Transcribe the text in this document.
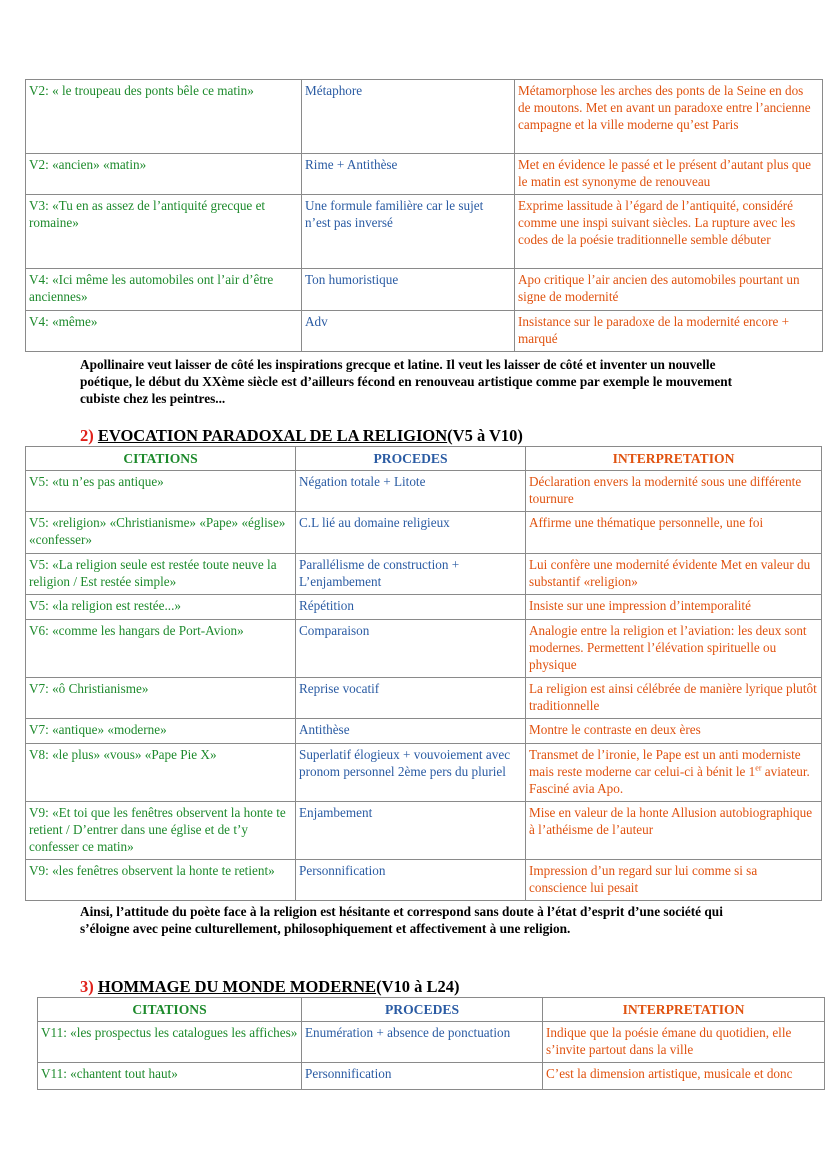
V2: « le troupeau des ponts bêle ce matin»	Métaphore	Métamorphose les arches des ponts de la Seine en dos de moutons. Met en avant un paradoxe entre l’ancienne campagne et la ville moderne qu’est Paris
V2: «ancien» «matin»	Rime + Antithèse	Met en évidence le passé et le présent d’autant plus que le matin est synonyme de renouveau
V3: «Tu en as assez de l’antiquité grecque et romaine»	Une formule familière car le sujet n’est pas inversé	Exprime lassitude à l’égard de l’antiquité, considéré comme une inspi suivant siècles. La rupture avec les codes de la poésie traditionnelle semble débuter
V4: «Ici même les automobiles ont l’air d’être anciennes»	Ton humoristique	Apo critique l’air ancien des automobiles pourtant un signe de modernité
V4: «même»	Adv	Insistance sur le paradoxe de la modernité encore + marqué

Apollinaire veut laisser de côté les inspirations grecque et latine. Il veut les laisser de côté et inventer un nouvelle poétique, le début du XXème siècle est d’ailleurs fécond en renouveau artistique comme par exemple le mouvement cubiste chez les peintres...

2) EVOCATION PARADOXAL DE LA RELIGION(V5 à V10)

CITATIONS	PROCEDES	INTERPRETATION
V5: «tu n’es pas antique»	Négation totale + Litote	Déclaration envers la modernité sous une différente tournure
V5: «religion» «Christianisme» «Pape» «église» «confesser»	C.L lié au domaine religieux	Affirme une thématique personnelle, une foi
V5: «La religion seule est restée toute neuve la religion / Est restée simple»	Parallélisme de construction + L’enjambement	Lui confère une modernité évidente Met en valeur du substantif «religion»
V5: «la religion est restée...»	Répétition	Insiste sur une impression d’intemporalité
V6: «comme les hangars de Port-Avion»	Comparaison	Analogie entre la religion et l’aviation: les deux sont modernes. Permettent l’élévation spirituelle ou physique
V7: «ô Christianisme»	Reprise vocatif	La religion est ainsi célébrée de manière lyrique plutôt traditionnelle
V7: «antique» «moderne»	Antithèse	Montre le contraste en deux ères
V8: «le plus» «vous» «Pape Pie X»	Superlatif élogieux + vouvoiement avec pronom personnel 2ème pers du pluriel	Transmet de l’ironie, le Pape est un anti moderniste mais reste moderne car celui-ci à bénit le 1er aviateur. Fasciné avia Apo.
V9: «Et toi que les fenêtres observent la honte te retient / D’entrer dans une église et de t’y confesser ce matin»	Enjambement	Mise en valeur de la honte Allusion autobiographique à l’athéisme de l’auteur
V9: «les fenêtres observent la honte te retient»	Personnification	Impression d’un regard sur lui comme si sa conscience lui pesait

Ainsi, l’attitude du poète face à la religion est hésitante et correspond sans doute à l’état d’esprit d’une société qui s’éloigne avec peine culturellement, philosophiquement et affectivement à une religion.

3) HOMMAGE DU MONDE MODERNE(V10 à L24)

CITATIONS	PROCEDES	INTERPRETATION
V11: «les prospectus les catalogues les affiches»	Enumération + absence de ponctuation	Indique que la poésie émane du quotidien, elle s’invite partout dans la ville
V11: «chantent tout haut»	Personnification	C’est la dimension artistique, musicale et donc
